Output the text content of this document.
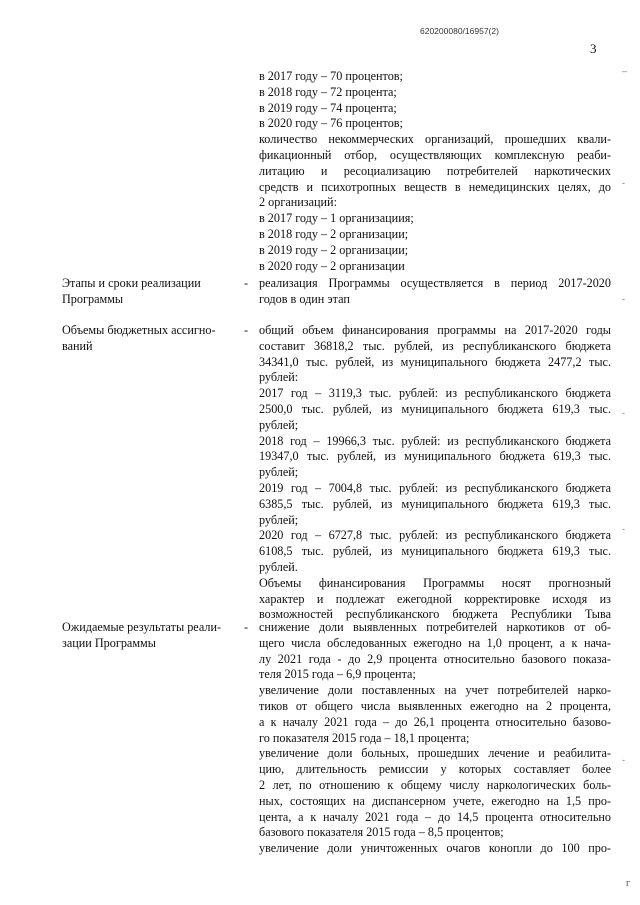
620200080/16957(2)
3
_
-
-
-
-
-
г
в 2017 году – 70 процентов;
в 2018 году – 72 процента;
в 2019 году – 74 процента;
в 2020 году – 76 процентов;
количество некоммерческих организаций, прошедших квали-
фикационный отбор, осуществляющих комплексную реаби-
литацию и ресоциализацию потребителей наркотических
средств и психотропных веществ в немедицинских целях, до
2 организаций:
в 2017 году – 1 организациия;
в 2018 году – 2 организации;
в 2019 году – 2 организации;
в 2020 году – 2 организации
Этапы и сроки реализации
Программы
- реализация Программы осуществляется в период 2017-2020
годов в один этап
Объемы бюджетных ассигно-
ваний
- общий объем финансирования программы на 2017-2020 годы
составит 36818,2 тыс. рублей, из республиканского бюджета
34341,0 тыс. рублей, из муниципального бюджета 2477,2 тыс.
рублей:
2017 год – 3119,3 тыс. рублей: из республиканского бюджета
2500,0 тыс. рублей, из муниципального бюджета 619,3 тыс.
рублей;
2018 год – 19966,3 тыс. рублей: из республиканского бюджета
19347,0 тыс. рублей, из муниципального бюджета 619,3 тыс.
рублей;
2019 год – 7004,8 тыс. рублей: из республиканского бюджета
6385,5 тыс. рублей, из муниципального бюджета 619,3 тыс.
рублей;
2020 год – 6727,8 тыс. рублей: из республиканского бюджета
6108,5 тыс. рублей, из муниципального бюджета 619,3 тыс.
рублей.
Объемы финансирования Программы носят прогнозный
характер и подлежат ежегодной корректировке исходя из
возможностей республиканского бюджета Республики Тыва
Ожидаемые результаты реали-
зации Программы
- снижение доли выявленных потребителей наркотиков от об-
щего числа обследованных ежегодно на 1,0 процент, а к нача-
лу 2021 года - до 2,9 процента относительно базового показа-
теля 2015 года – 6,9 процента;
увеличение доли поставленных на учет потребителей нарко-
тиков от общего числа выявленных ежегодно на 2 процента,
а к началу 2021 года – до 26,1 процента относительно базово-
го показателя 2015 года – 18,1 процента;
увеличение доли больных, прошедших лечение и реабилита-
цию, длительность ремиссии у которых составляет более
2 лет, по отношению к общему числу наркологических боль-
ных, состоящих на диспансерном учете, ежегодно на 1,5 про-
цента, а к началу 2021 года – до 14,5 процента относительно
базового показателя 2015 года – 8,5 процентов;
увеличение доли уничтоженных очагов конопли до 100 про-
